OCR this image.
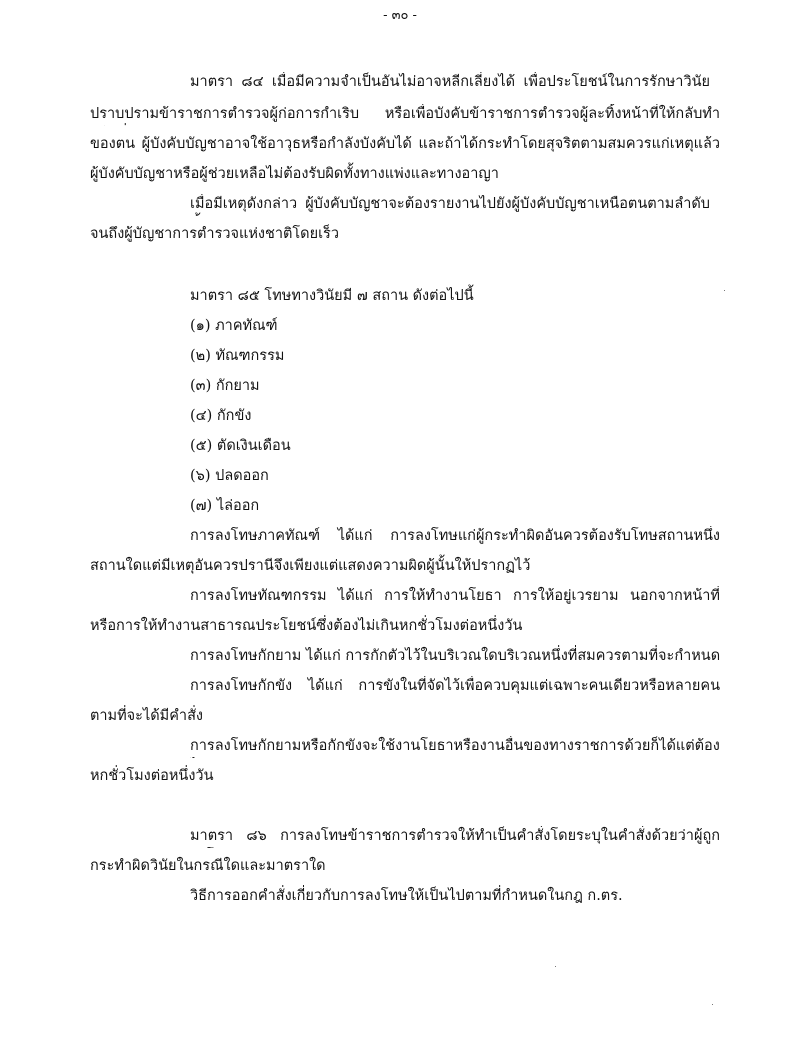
- ๓๐ -

มาตรา ๘๔ เมื่อมีความจำเป็นอันไม่อาจหลีกเลี่ยงได้ เพื่อประโยชน์ในการรักษาวินัย

ปราบปรามข้าราชการตำรวจผู้ก่อการกำเริบ หรือเพื่อบังคับข้าราชการตำรวจผู้ละทิ้งหน้าที่ให้กลับทำ

ของตน ผู้บังคับบัญชาอาจใช้อาวุธหรือกำลังบังคับได้ และถ้าได้กระทำโดยสุจริตตามสมควรแก่เหตุแล้ว

ผู้บังคับบัญชาหรือผู้ช่วยเหลือไม่ต้องรับผิดทั้งทางแพ่งและทางอาญา

เมื่อมีเหตุดังกล่าว ผู้บังคับบัญชาจะต้องรายงานไปยังผู้บังคับบัญชาเหนือตนตามลำดับ

จนถึงผู้บัญชาการตำรวจแห่งชาติโดยเร็ว

มาตรา ๘๕ โทษทางวินัยมี ๗ สถาน ดังต่อไปนี้

(๑) ภาคทัณฑ์

(๒) ทัณฑกรรม

(๓) กักยาม

(๔) กักขัง

(๕) ตัดเงินเดือน

(๖) ปลดออก

(๗) ไล่ออก

การลงโทษภาคทัณฑ์ ได้แก่ การลงโทษแก่ผู้กระทำผิดอันควรต้องรับโทษสถานหนึ่ง

สถานใดแต่มีเหตุอันควรปรานีจึงเพียงแต่แสดงความผิดผู้นั้นให้ปรากฏไว้

การลงโทษทัณฑกรรม ได้แก่ การให้ทำงานโยธา การให้อยู่เวรยาม นอกจากหน้าที่

หรือการให้ทำงานสาธารณประโยชน์ซึ่งต้องไม่เกินหกชั่วโมงต่อหนึ่งวัน

การลงโทษกักยาม ได้แก่ การกักตัวไว้ในบริเวณใดบริเวณหนึ่งที่สมควรตามที่จะกำหนด

การลงโทษกักขัง ได้แก่ การขังในที่จัดไว้เพื่อควบคุมแต่เฉพาะคนเดียวหรือหลายคน

ตามที่จะได้มีคำสั่ง

การลงโทษกักยามหรือกักขังจะใช้งานโยธาหรืองานอื่นของทางราชการด้วยก็ได้แต่ต้อง

หกชั่วโมงต่อหนึ่งวัน

มาตรา ๘๖ การลงโทษข้าราชการตำรวจให้ทำเป็นคำสั่งโดยระบุในคำสั่งด้วยว่าผู้ถูก

กระทำผิดวินัยในกรณีใดและมาตราใด

วิธีการออกคำสั่งเกี่ยวกับการลงโทษให้เป็นไปตามที่กำหนดในกฎ ก.ตร.
